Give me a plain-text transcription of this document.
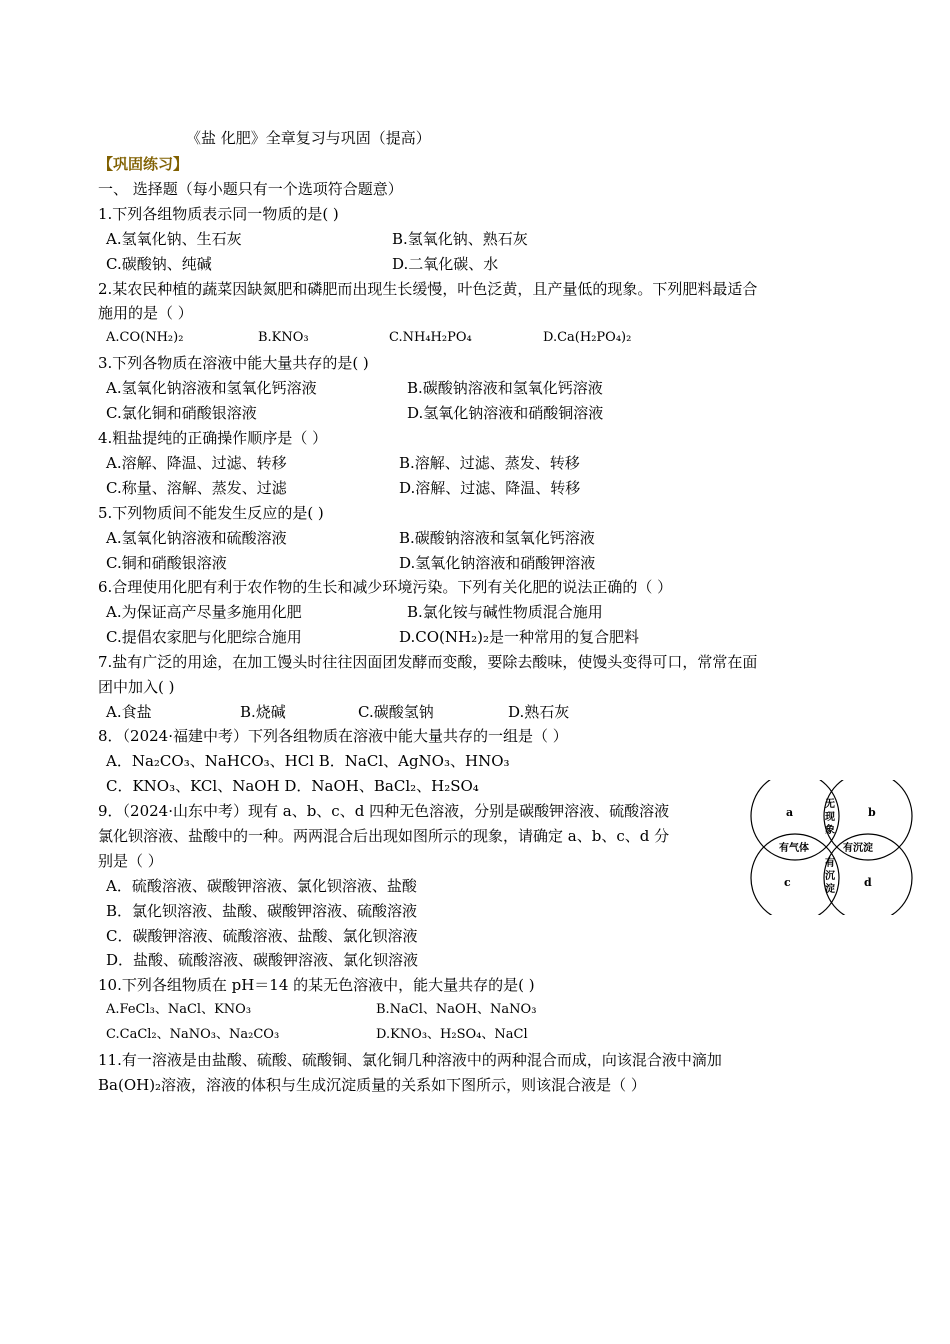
《盐 化肥》全章复习与巩固（提高）
【巩固练习】
一、 选择题（每小题只有一个选项符合题意）
1.下列各组物质表示同一物质的是( )
A.氢氧化钠、生石灰	B.氢氧化钠、熟石灰
C.碳酸钠、纯碱	D.二氧化碳、水
2.某农民种植的蔬菜因缺氮肥和磷肥而出现生长缓慢，叶色泛黄，且产量低的现象。下列肥料最适合
施用的是（ ）
A.CO(NH₂)₂	B.KNO₃	C.NH₄H₂PO₄	D.Ca(H₂PO₄)₂
3.下列各物质在溶液中能大量共存的是( )
A.氢氧化钠溶液和氢氧化钙溶液	B.碳酸钠溶液和氢氧化钙溶液
C.氯化铜和硝酸银溶液	D.氢氧化钠溶液和硝酸铜溶液
4.粗盐提纯的正确操作顺序是（ ）
A.溶解、降温、过滤、转移	B.溶解、过滤、蒸发、转移
C.称量、溶解、蒸发、过滤	D.溶解、过滤、降温、转移
5.下列物质间不能发生反应的是( )
A.氢氧化钠溶液和硫酸溶液	B.碳酸钠溶液和氢氧化钙溶液
C.铜和硝酸银溶液	D.氢氧化钠溶液和硝酸钾溶液
6.合理使用化肥有利于农作物的生长和减少环境污染。下列有关化肥的说法正确的（ ）
A.为保证高产尽量多施用化肥	B.氯化铵与碱性物质混合施用
C.提倡农家肥与化肥综合施用	D.CO(NH₂)₂是一种常用的复合肥料
7.盐有广泛的用途，在加工馒头时往往因面团发酵而变酸，要除去酸味，使馒头变得可口，常常在面
团中加入( )
A.食盐	B.烧碱	C.碳酸氢钠	D.熟石灰
8．（2024·福建中考）下列各组物质在溶液中能大量共存的一组是（ ）
A．Na₂CO₃、NaHCO₃、HCl B．NaCl、AgNO₃、HNO₃
C．KNO₃、KCl、NaOH D．NaOH、BaCl₂、H₂SO₄
9．（2024·山东中考）现有 a、b、c、d 四种无色溶液，分别是碳酸钾溶液、硫酸溶液
氯化钡溶液、盐酸中的一种。两两混合后出现如图所示的现象，请确定 a、b、c、d 分
别是（ ）
A．硫酸溶液、碳酸钾溶液、氯化钡溶液、盐酸
B．氯化钡溶液、盐酸、碳酸钾溶液、硫酸溶液
C．碳酸钾溶液、硫酸溶液、盐酸、氯化钡溶液
D．盐酸、硫酸溶液、碳酸钾溶液、氯化钡溶液
a	b
c	d
无
现
象
有气体	有沉淀
有
沉
淀
10.下列各组物质在 pH＝14 的某无色溶液中，能大量共存的是( )
A.FeCl₃、NaCl、KNO₃	B.NaCl、NaOH、NaNO₃
C.CaCl₂、NaNO₃、Na₂CO₃	D.KNO₃、H₂SO₄、NaCl
11.有一溶液是由盐酸、硫酸、硫酸铜、氯化铜几种溶液中的两种混合而成，向该混合液中滴加
Ba(OH)₂溶液，溶液的体积与生成沉淀质量的关系如下图所示，则该混合液是（ ）
